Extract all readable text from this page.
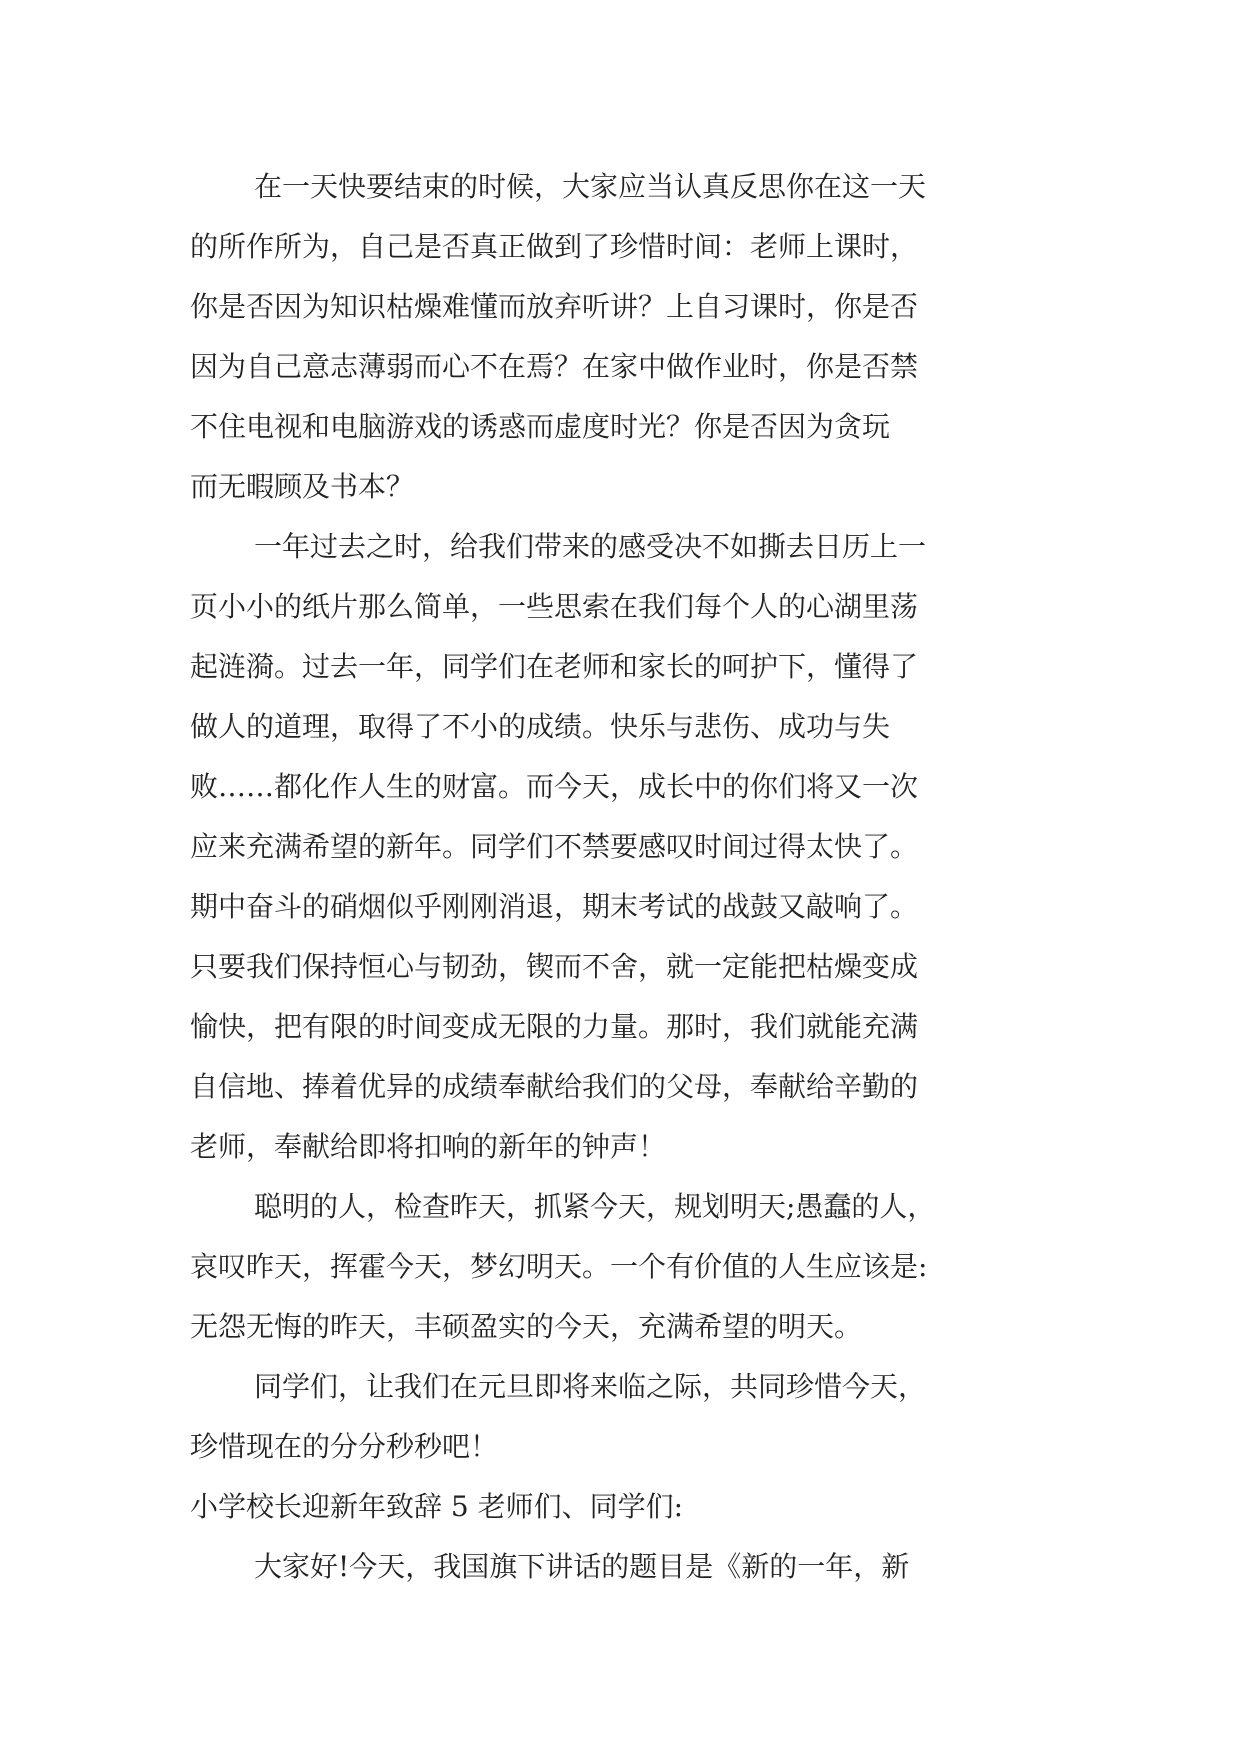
在一天快要结束的时候，大家应当认真反思你在这一天
的所作所为，自己是否真正做到了珍惜时间：老师上课时，
你是否因为知识枯燥难懂而放弃听讲？上自习课时，你是否
因为自己意志薄弱而心不在焉？在家中做作业时，你是否禁
不住电视和电脑游戏的诱惑而虚度时光？你是否因为贪玩
而无暇顾及书本？
一年过去之时，给我们带来的感受决不如撕去日历上一
页小小的纸片那么简单，一些思索在我们每个人的心湖里荡
起涟漪。过去一年，同学们在老师和家长的呵护下，懂得了
做人的道理，取得了不小的成绩。快乐与悲伤、成功与失
败……都化作人生的财富。而今天，成长中的你们将又一次
应来充满希望的新年。同学们不禁要感叹时间过得太快了。
期中奋斗的硝烟似乎刚刚消退，期末考试的战鼓又敲响了。
只要我们保持恒心与韧劲，锲而不舍，就一定能把枯燥变成
愉快，把有限的时间变成无限的力量。那时，我们就能充满
自信地、捧着优异的成绩奉献给我们的父母，奉献给辛勤的
老师，奉献给即将扣响的新年的钟声！
聪明的人，检查昨天，抓紧今天，规划明天;愚蠢的人，
哀叹昨天，挥霍今天，梦幻明天。一个有价值的人生应该是:
无怨无悔的昨天，丰硕盈实的今天，充满希望的明天。
同学们，让我们在元旦即将来临之际，共同珍惜今天，
珍惜现在的分分秒秒吧！
小学校长迎新年致辞 5 老师们、同学们:
大家好!今天，我国旗下讲话的题目是《新的一年，新
